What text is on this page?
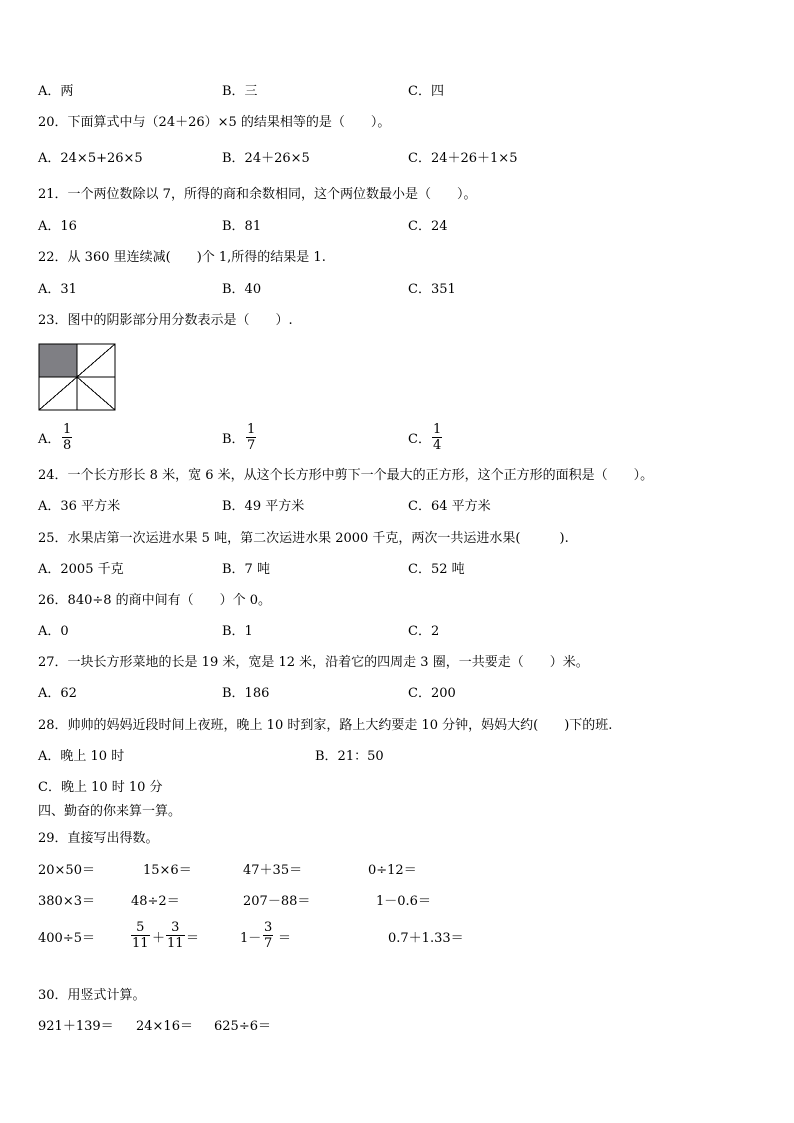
A．两	B．三	C．四
20．下面算式中与（24＋26）×5 的结果相等的是（　　）。
A．24×5+26×5	B．24＋26×5	C．24＋26＋1×5
21．一个两位数除以 7，所得的商和余数相同，这个两位数最小是（　　）。
A．16	B．81	C．24
22．从 360 里连续减(　　)个 1,所得的结果是 1.
A．31	B．40	C．351
23．图中的阴影部分用分数表示是（　　）.
A．
1
8	B．
1
7	C．
1
4
24．一个长方形长 8 米，宽 6 米，从这个长方形中剪下一个最大的正方形，这个正方形的面积是（　　）。
A．36 平方米	B．49 平方米	C．64 平方米
25．水果店第一次运进水果 5 吨，第二次运进水果 2000 千克，两次一共运进水果(　　　).
A．2005 千克	B．7 吨	C．52 吨
26．840÷8 的商中间有（　　）个 0。
A．0	B．1	C．2
27．一块长方形菜地的长是 19 米，宽是 12 米，沿着它的四周走 3 圈，一共要走（　　）米。
A．62	B．186	C．200
28．帅帅的妈妈近段时间上夜班，晚上 10 时到家，路上大约要走 10 分钟，妈妈大约(　　)下的班.
A．晚上 10 时	B．21：50
C．晚上 10 时 10 分
四、勤奋的你来算一算。
29．直接写出得数。
20×50＝	15×6＝	47＋35＝	0÷12＝
380×3＝	48÷2＝	207－88＝	1－0.6＝
400÷5＝
5
11 ＋
3
11 ＝	1－
3
7 ＝	0.7＋1.33＝
30．用竖式计算。
921＋139＝ 24×16＝ 625÷6＝
